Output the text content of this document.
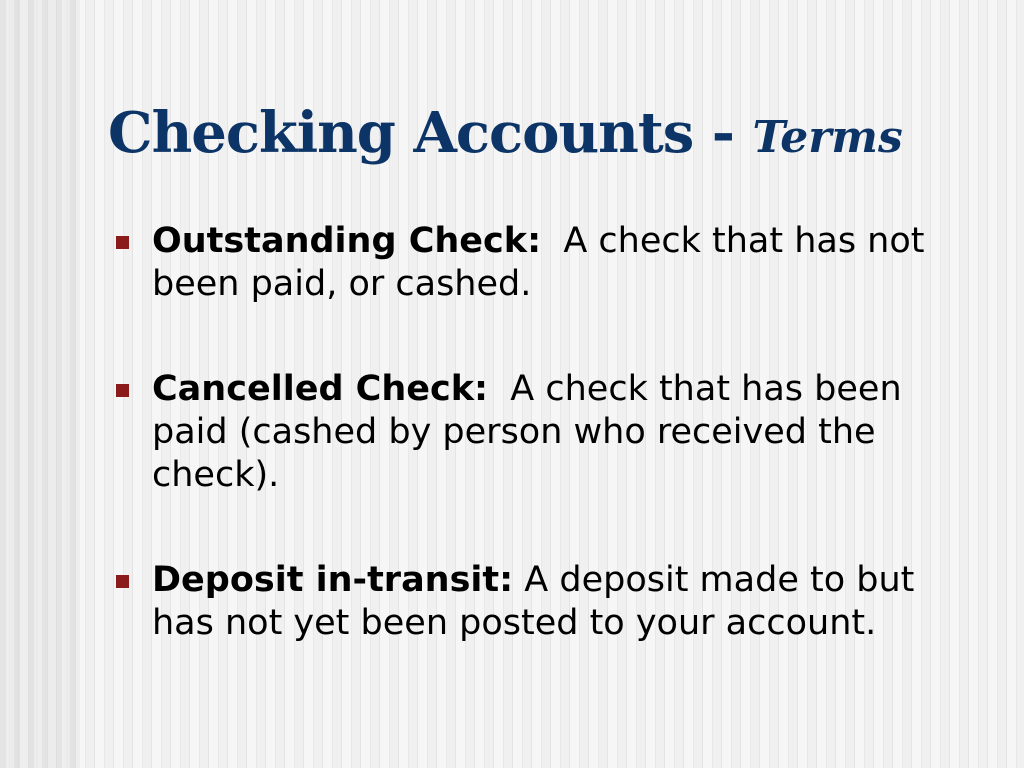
Checking Accounts - Terms
Outstanding Check:  A check that has not been paid, or cashed.
Cancelled Check:  A check that has been paid (cashed by person who received the check).
Deposit in-transit: A deposit made to but has not yet been posted to your account.
